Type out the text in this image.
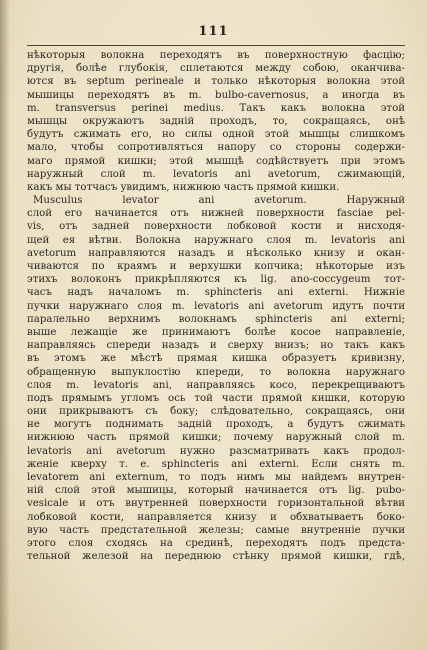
111
нѣкоторыя волокна переходятъ въ поверхностную фасцію;
другія, болѣе глубокія, сплетаются между собою, оканчива-
ются въ septum perineale и только нѣкоторыя волокна этой
мышицы переходятъ въ m. bulbo-cavernosus, а иногда въ
m. transversus perinei medius. Такъ какъ волокна этой
мышцы окружаютъ задній проходъ, то, сокращаясь, онѣ
будутъ сжимать его, но силы одной этой мышцы слишкомъ
мало, чтобы сопротивляться напору со стороны содержи-
маго прямой кишки; этой мышцѣ содѣйствуетъ при этомъ
наружный слой m. levatoris ani avetorum, сжимающій,
какъ мы тотчасъ увидимъ, нижнюю часть прямой кишки.
Musculus levator ani avetorum. Наружный
слой его начинается отъ нижней поверхности fasciae pel-
vis, отъ задней поверхности лобковой кости и нисходя-
щей ея вѣтви. Волокна наружнаго слоя m. levatoris ani
avetorum направляются назадъ и нѣсколько книзу и окан-
чиваются по краямъ и верхушки копчика; нѣкоторые изъ
этихъ волоконъ прикрѣпляются къ lig. ano-coccygeum тот-
часъ надъ началомъ m. sphincteris ani externi. Нижніе
пучки наружнаго слоя m. levatoris ani avetorum идутъ почти
паралельно верхнимъ волокнамъ sphincteris ani externi;
выше лежащіе же принимаютъ болѣе косое направленіе,
направляясь спереди назадъ и сверху внизъ; но такъ какъ
въ этомъ же мѣстѣ прямая кишка образуетъ кривизну,
обращенную выпуклостію кпереди, то волокна наружнаго
слоя m. levatoris ani, направляясь косо, перекрещиваютъ
подъ прямымъ угломъ ось той части прямой кишки, которую
они прикрываютъ съ боку; слѣдовательно, сокращаясь, они
не могутъ поднимать задній проходъ, а будутъ сжимать
нижнюю часть прямой кишки; почему наружный слой m.
levatoris ani avetorum нужно разсматривать какъ продол-
женіе кверху т. е. sphincteris ani externi. Если снять m.
levatorem ani externum, то подъ нимъ мы найдемъ внутрен-
ній слой этой мышицы, который начинается отъ lig. pubo-
vesicale и отъ внутренней поверхности горизонтальной вѣтви
лобковой кости, направляется книзу и обхватываетъ боко-
вую часть предстательной железы; самые внутренніе пучки
этого слоя сходясь на срединѣ, переходятъ подъ предста-
тельной железой на переднюю стѣнку прямой кишки, гдѣ,
